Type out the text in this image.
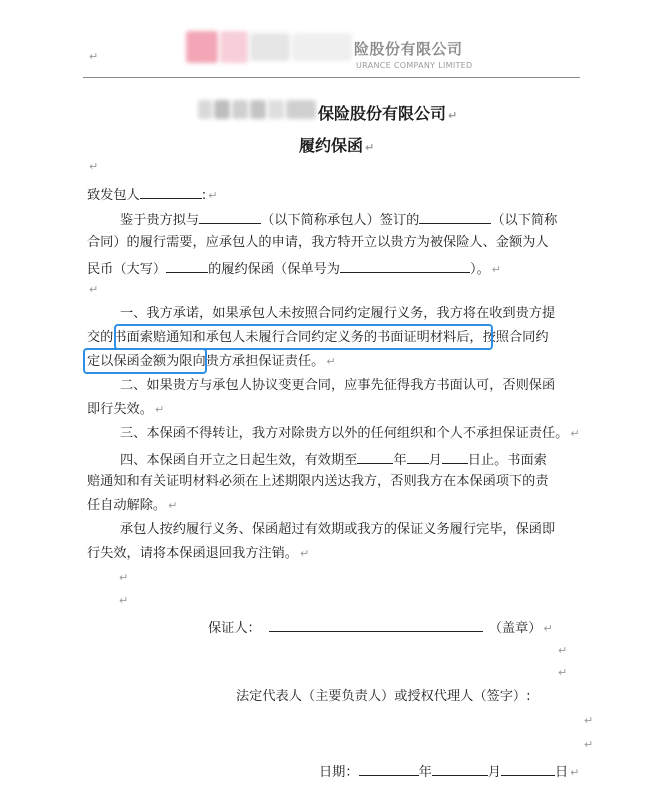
险股份有限公司
URANCE COMPANY LIMITED
↵
保险股份有限公司 ↵
履约保函 ↵
↵
致发包人	: ↵
鉴于贵方拟与	（以下简称承包人）签订的	（以下简称
合同）的履行需要，应承包人的申请，我方特开立以贵方为被保险人、金额为人
民币（大写）	的履约保函（保单号为	）。 ↵
↵
一、我方承诺，如果承包人未按照合同约定履行义务，我方将在收到贵方提
交的书面索赔通知和承包人未履行合同约定义务的书面证明材料后，按照合同约
定以保函金额为限向贵方承担保证责任。 ↵
二、如果贵方与承包人协议变更合同，应事先征得我方书面认可，否则保函
即行失效。 ↵
三、本保函不得转让，我方对除贵方以外的任何组织和个人不承担保证责任。 ↵
四、本保函自开立之日起生效，有效期至	年 月 日止。书面索
赔通知和有关证明材料必须在上述期限内送达我方，否则我方在本保函项下的责
任自动解除。 ↵
承包人按约履行义务、保函超过有效期或我方的保证义务履行完毕，保函即
行失效，请将本保函退回我方注销。 ↵
↵
↵
保证人：	（盖章） ↵
↵
↵
法定代表人（主要负责人）或授权代理人（签字）:
↵
↵
日期：	年	月	日 ↵
